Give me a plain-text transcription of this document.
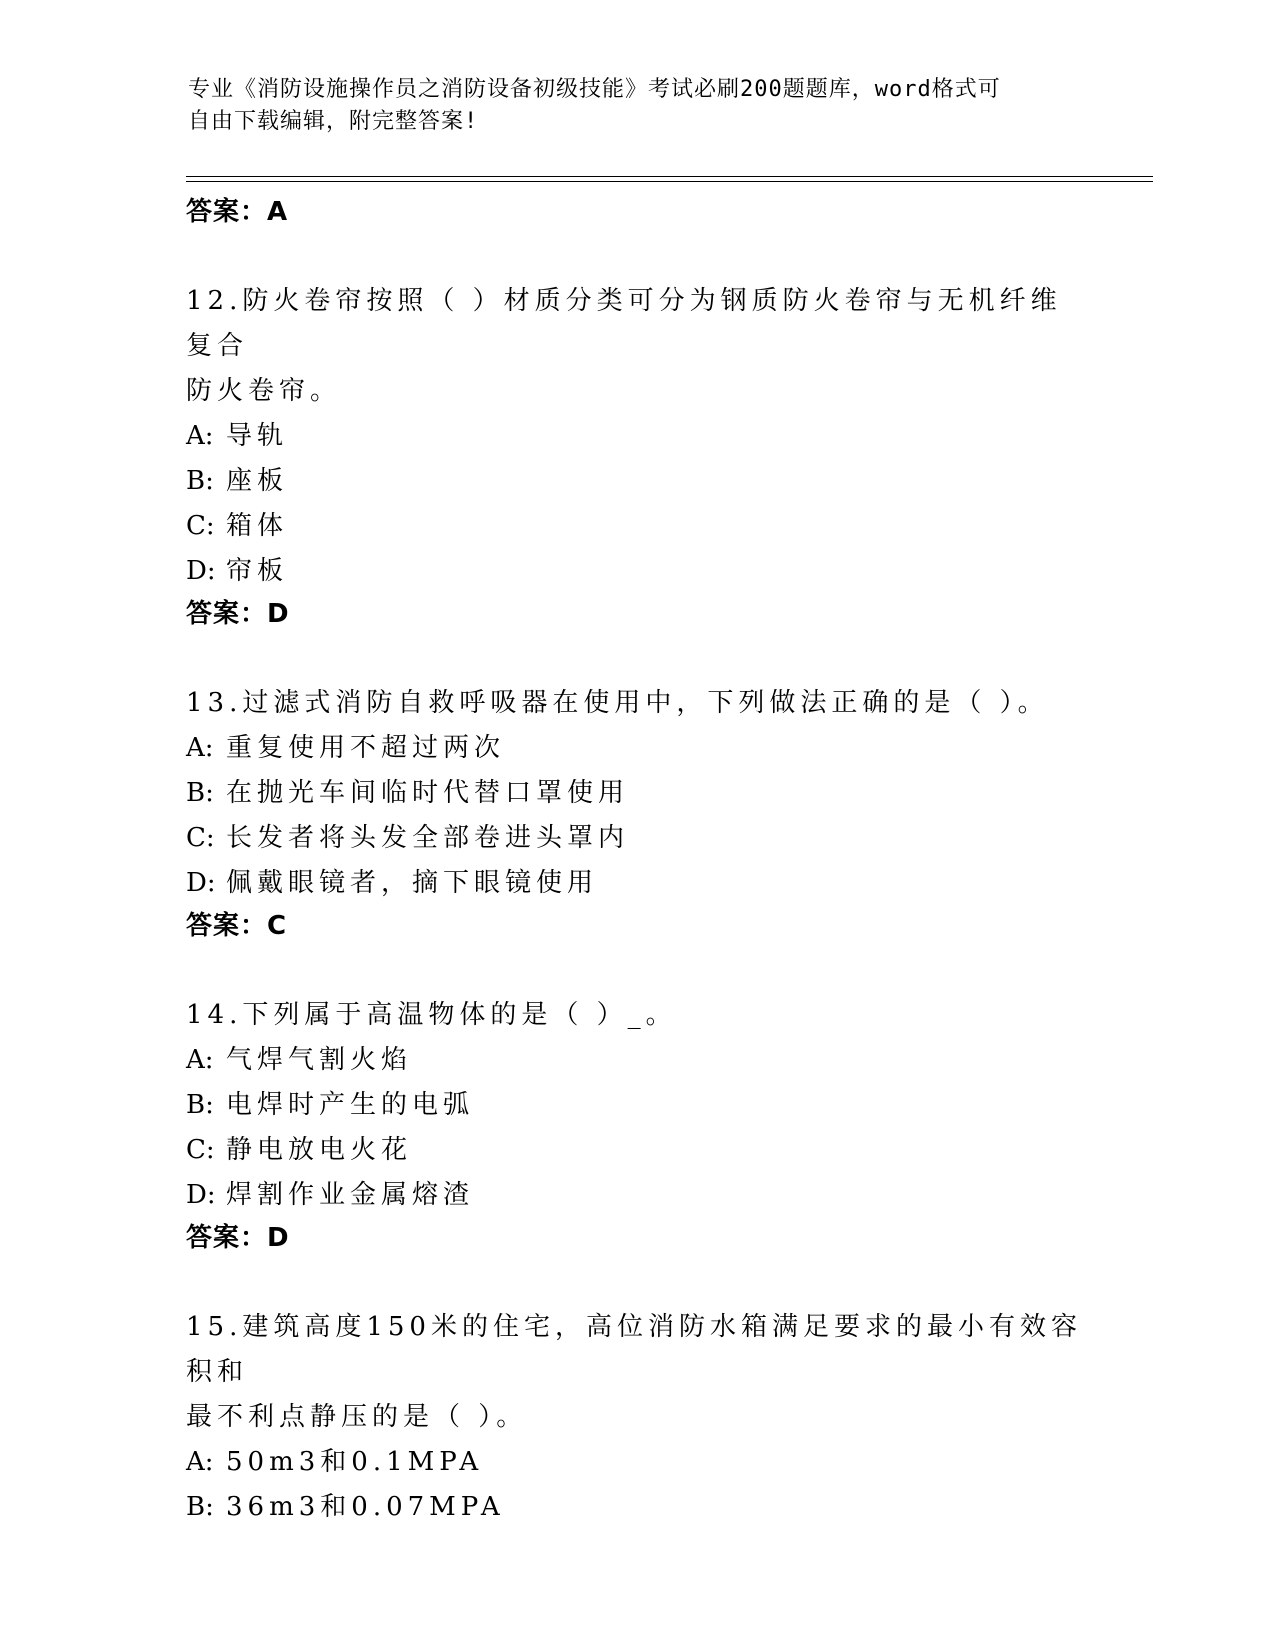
专业《消防设施操作员之消防设备初级技能》考试必刷200题题库，word格式可
自由下载编辑，附完整答案!
答案：A
12.防火卷帘按照（ ）材质分类可分为钢质防火卷帘与无机纤维复合
防火卷帘。
A: 导轨
B: 座板
C: 箱体
D: 帘板
答案：D
13.过滤式消防自救呼吸器在使用中，下列做法正确的是（ ）。
A: 重复使用不超过两次
B: 在抛光车间临时代替口罩使用
C: 长发者将头发全部卷进头罩内
D: 佩戴眼镜者，摘下眼镜使用
答案：C
14.下列属于高温物体的是（ ）_。
A: 气焊气割火焰
B: 电焊时产生的电弧
C: 静电放电火花
D: 焊割作业金属熔渣
答案：D
15.建筑高度150米的住宅，高位消防水箱满足要求的最小有效容积和
最不利点静压的是（ ）。
A: 50m3和0.1MPA
B: 36m3和0.07MPA
